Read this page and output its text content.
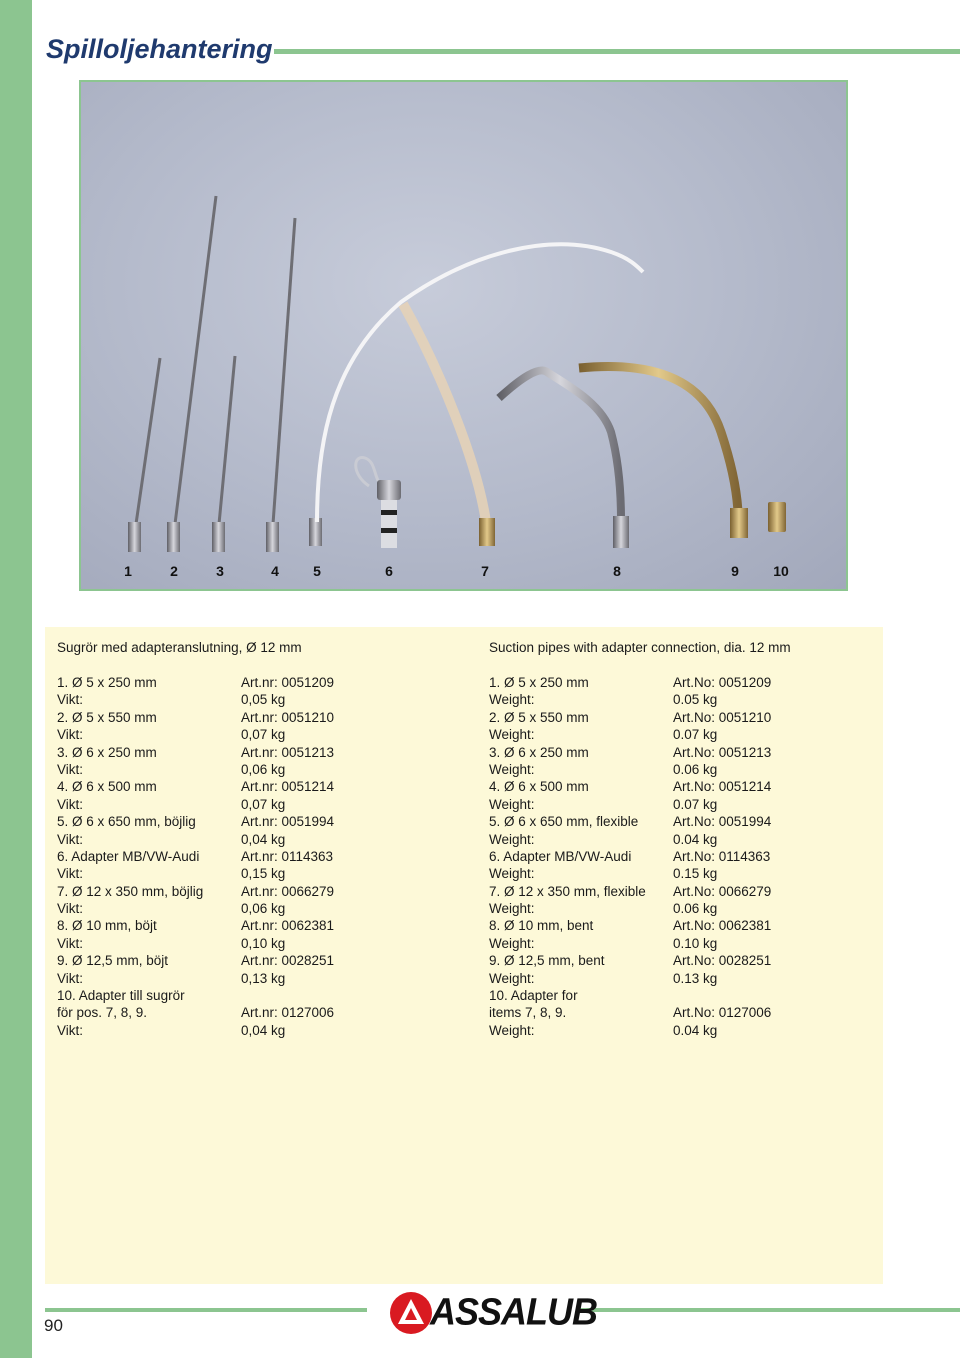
Spilloljehantering
1	2	3	4 5	6	7	8	9 10
Sugrör med adapteranslutning, Ø 12 mm
1. Ø 5 x 250 mm	Art.nr: 0051209
Vikt:	0,05 kg
2. Ø 5 x 550 mm	Art.nr: 0051210
Vikt:	0,07 kg
3. Ø 6 x 250 mm	Art.nr: 0051213
Vikt:	0,06 kg
4. Ø 6 x 500 mm	Art.nr: 0051214
Vikt:	0,07 kg
5. Ø 6 x 650 mm, böjlig	Art.nr: 0051994
Vikt:	0,04 kg
6. Adapter MB/VW-Audi	Art.nr: 0114363
Vikt:	0,15 kg
7. Ø 12 x 350 mm, böjlig	Art.nr: 0066279
Vikt:	0,06 kg
8. Ø 10 mm, böjt	Art.nr: 0062381
Vikt:	0,10 kg
9. Ø 12,5 mm, böjt	Art.nr: 0028251
Vikt:	0,13 kg
10. Adapter till sugrör
för pos. 7, 8, 9.	Art.nr: 0127006
Vikt:	0,04 kg
Suction pipes with adapter connection, dia. 12 mm
1. Ø 5 x 250 mm	Art.No: 0051209
Weight:	0.05 kg
2. Ø 5 x 550 mm	Art.No: 0051210
Weight:	0.07 kg
3. Ø 6 x 250 mm	Art.No: 0051213
Weight:	0.06 kg
4. Ø 6 x 500 mm	Art.No: 0051214
Weight:	0.07 kg
5. Ø 6 x 650 mm, flexible	Art.No: 0051994
Weight:	0.04 kg
6. Adapter MB/VW-Audi	Art.No: 0114363
Weight:	0.15 kg
7. Ø 12 x 350 mm, flexible Art.No: 0066279
Weight:	0.06 kg
8. Ø 10 mm, bent	Art.No: 0062381
Weight:	0.10 kg
9. Ø 12,5 mm, bent	Art.No: 0028251
Weight:	0.13 kg
10. Adapter for
items 7, 8, 9.	Art.No: 0127006
Weight:	0.04 kg
90	ASSALUB
